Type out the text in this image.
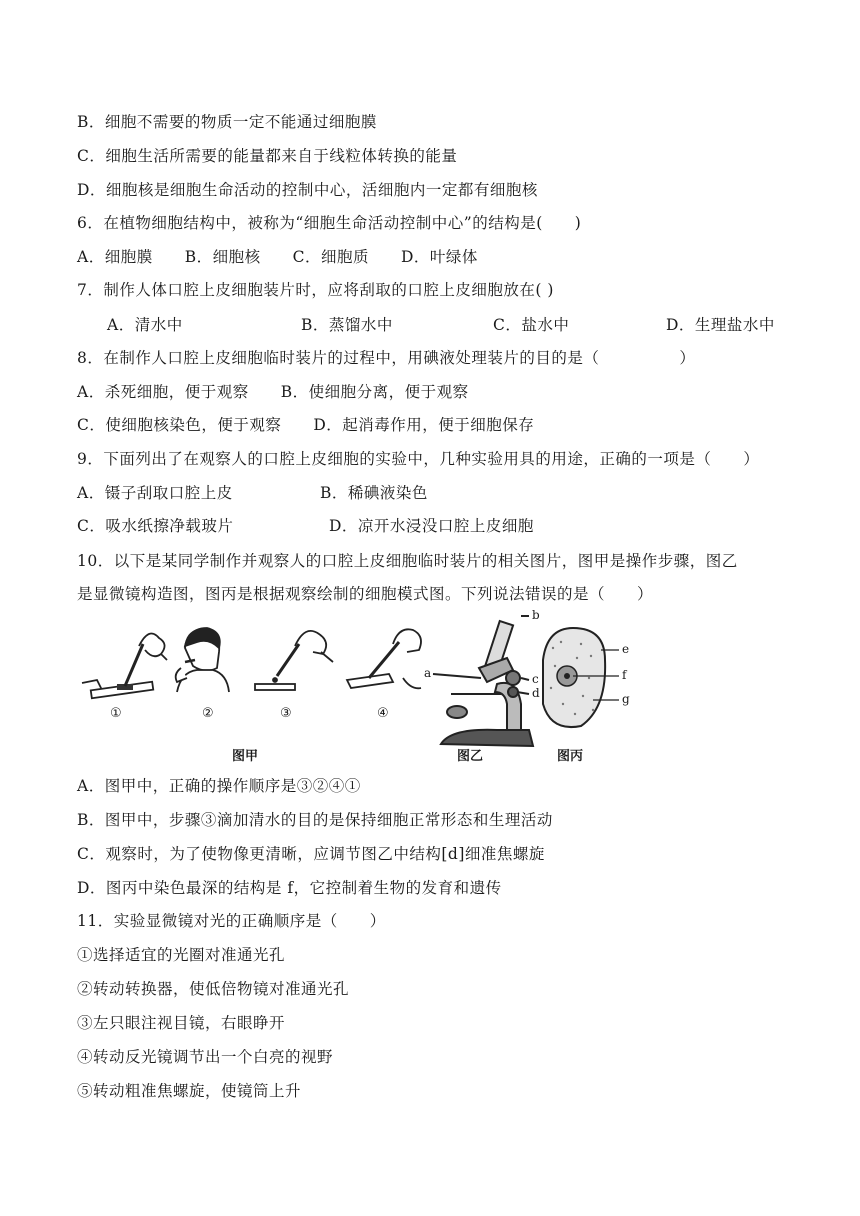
B．细胞不需要的物质一定不能通过细胞膜
C．细胞生活所需要的能量都来自于线粒体转换的能量
D．细胞核是细胞生命活动的控制中心，活细胞内一定都有细胞核
6．在植物细胞结构中，被称为“细胞生命活动控制中心”的结构是(　　)
A．细胞膜　　B．细胞核　　C．细胞质　　D．叶绿体
7．制作人体口腔上皮细胞装片时，应将刮取的口腔上皮细胞放在( )
A．清水中	B．蒸馏水中	C．盐水中	D．生理盐水中
8．在制作人口腔上皮细胞临时装片的过程中，用碘液处理装片的目的是（　　　　　）
A．杀死细胞，便于观察　　B．使细胞分离，便于观察
C．使细胞核染色，便于观察　　D．起消毒作用，便于细胞保存
9．下面列出了在观察人的口腔上皮细胞的实验中，几种实验用具的用途，正确的一项是（　　）
A．镊子刮取口腔上皮	B．稀碘液染色
C．吸水纸擦净载玻片	D．凉开水浸没口腔上皮细胞
10．以下是某同学制作并观察人的口腔上皮细胞临时装片的相关图片，图甲是操作步骤，图乙
是显微镜构造图，图丙是根据观察绘制的细胞模式图。下列说法错误的是（　　）
①	②	③	④
图甲	图乙	图丙
a
b
c
d
e
f
g
A．图甲中，正确的操作顺序是③②④①
B．图甲中，步骤③滴加清水的目的是保持细胞正常形态和生理活动
C．观察时，为了使物像更清晰，应调节图乙中结构[d]细准焦螺旋
D．图丙中染色最深的结构是 f，它控制着生物的发育和遗传
11．实验显微镜对光的正确顺序是（　　）
①选择适宜的光圈对准通光孔
②转动转换器，使低倍物镜对准通光孔
③左只眼注视目镜，右眼睁开
④转动反光镜调节出一个白亮的视野
⑤转动粗准焦螺旋，使镜筒上升
